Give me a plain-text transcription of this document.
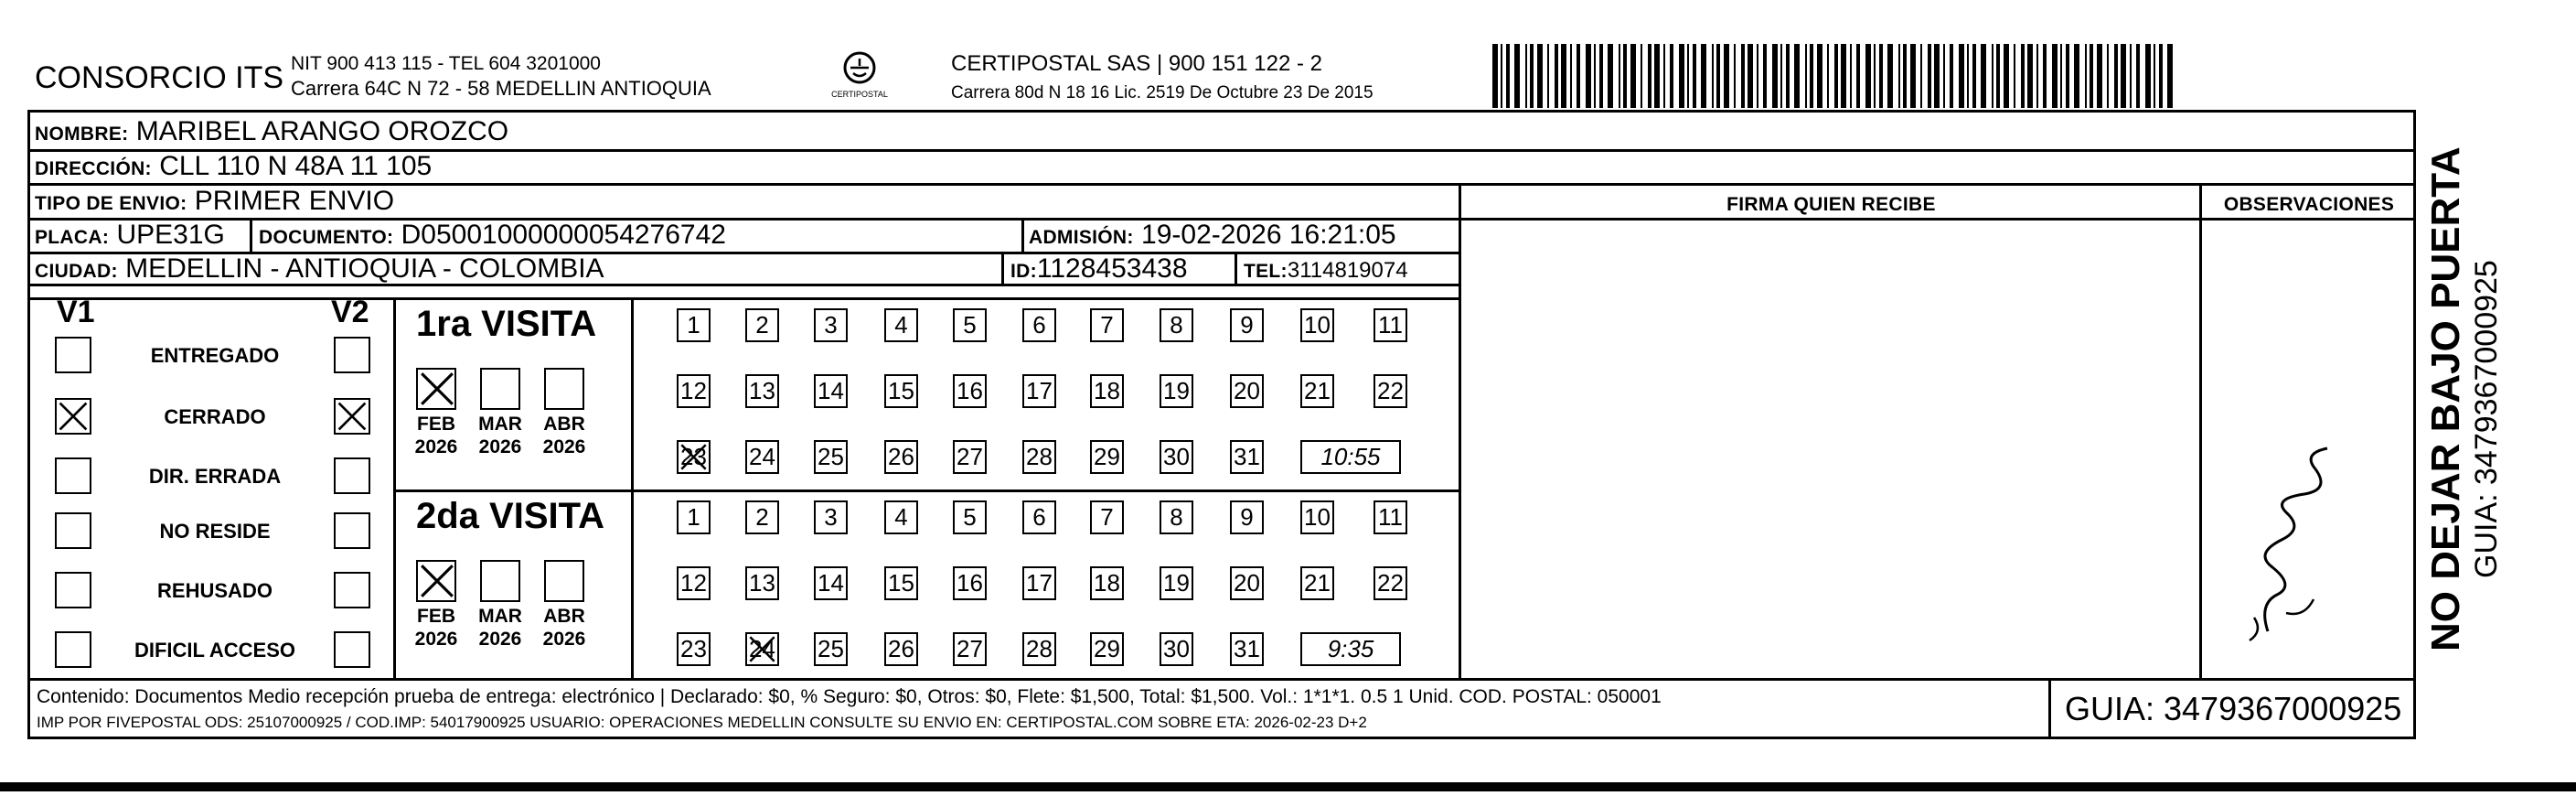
CONSORCIO ITS NIT 900 413 115 - TEL 604 3201000
Carrera 64C N 72 - 58 MEDELLIN ANTIOQUIA	CERTIPOSTAL
CERTIPOSTAL SAS | 900 151 122 - 2
Carrera 80d N 18 16 Lic. 2519 De Octubre 23 De 2015
NOMBRE: MARIBEL ARANGO OROZCO
DIRECCIÓN: CLL 110 N 48A 11 105
TIPO DE ENVIO: PRIMER ENVIO	FIRMA QUIEN RECIBE	OBSERVACIONES
PLACA: UPE31G DOCUMENTO: D05001000000054276742	ADMISIÓN: 19-02-2026 16:21:05
CIUDAD: MEDELLIN - ANTIOQUIA - COLOMBIA	ID:1128453438	TEL:3114819074
V1	V2
ENTREGADO
CERRADO
DIR. ERRADA
NO RESIDE
REHUSADO
DIFICIL ACCESO
1ra VISITA
FEB
2026
MAR
2026
ABR
2026
1	2	3	4	5	6	7	8	9	10 11
12 13 14 15 16 17 18 19 20 21 22
23 24 25 26 27 28 29 30 31	10:55
2da VISITA
FEB
2026
MAR
2026
ABR
2026
1	2	3	4	5	6	7	8	9	10 11
12 13 14 15 16 17 18 19 20 21 22
23 24 25 26 27 28 29 30 31	9:35
Contenido: Documentos Medio recepción prueba de entrega: electrónico | Declarado: $0, % Seguro: $0, Otros: $0, Flete: $1,500, Total: $1,500. Vol.: 1*1*1. 0.5 1 Unid. COD. POSTAL: 050001
IMP POR FIVEPOSTAL ODS: 25107000925 / COD.IMP: 54017900925 USUARIO: OPERACIONES MEDELLIN CONSULTE SU ENVIO EN: CERTIPOSTAL.COM SOBRE ETA: 2026-02-23 D+2	GUIA: 3479367000925
NO DEJAR BAJO PUERTA GUIA: 3479367000925
